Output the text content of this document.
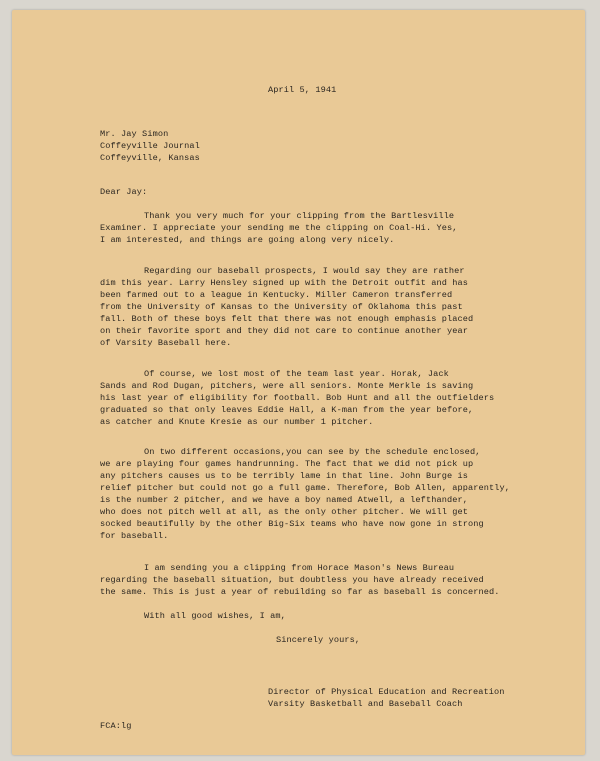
April 5, 1941
Mr. Jay Simon
Coffeyville Journal
Coffeyville, Kansas
Dear Jay:
Thank you very much for your clipping from the Bartlesville
Examiner. I appreciate your sending me the clipping on Coal-Hi. Yes,
I am interested, and things are going along very nicely.
Regarding our baseball prospects, I would say they are rather
dim this year. Larry Hensley signed up with the Detroit outfit and has
been farmed out to a league in Kentucky. Miller Cameron transferred
from the University of Kansas to the University of Oklahoma this past
fall. Both of these boys felt that there was not enough emphasis placed
on their favorite sport and they did not care to continue another year
of Varsity Baseball here.
Of course, we lost most of the team last year. Horak, Jack
Sands and Rod Dugan, pitchers, were all seniors. Monte Merkle is saving
his last year of eligibility for football. Bob Hunt and all the outfielders
graduated so that only leaves Eddie Hall, a K-man from the year before,
as catcher and Knute Kresie as our number 1 pitcher.
On two different occasions,you can see by the schedule enclosed,
we are playing four games handrunning. The fact that we did not pick up
any pitchers causes us to be terribly lame in that line. John Burge is
relief pitcher but could not go a full game. Therefore, Bob Allen, apparently,
is the number 2 pitcher, and we have a boy named Atwell, a lefthander,
who does not pitch well at all, as the only other pitcher. We will get
socked beautifully by the other Big-Six teams who have now gone in strong
for baseball.
I am sending you a clipping from Horace Mason's News Bureau
regarding the baseball situation, but doubtless you have already received
the same. This is just a year of rebuilding so far as baseball is concerned.
With all good wishes, I am,
Sincerely yours,
Director of Physical Education and Recreation
Varsity Basketball and Baseball Coach
FCA:lg
